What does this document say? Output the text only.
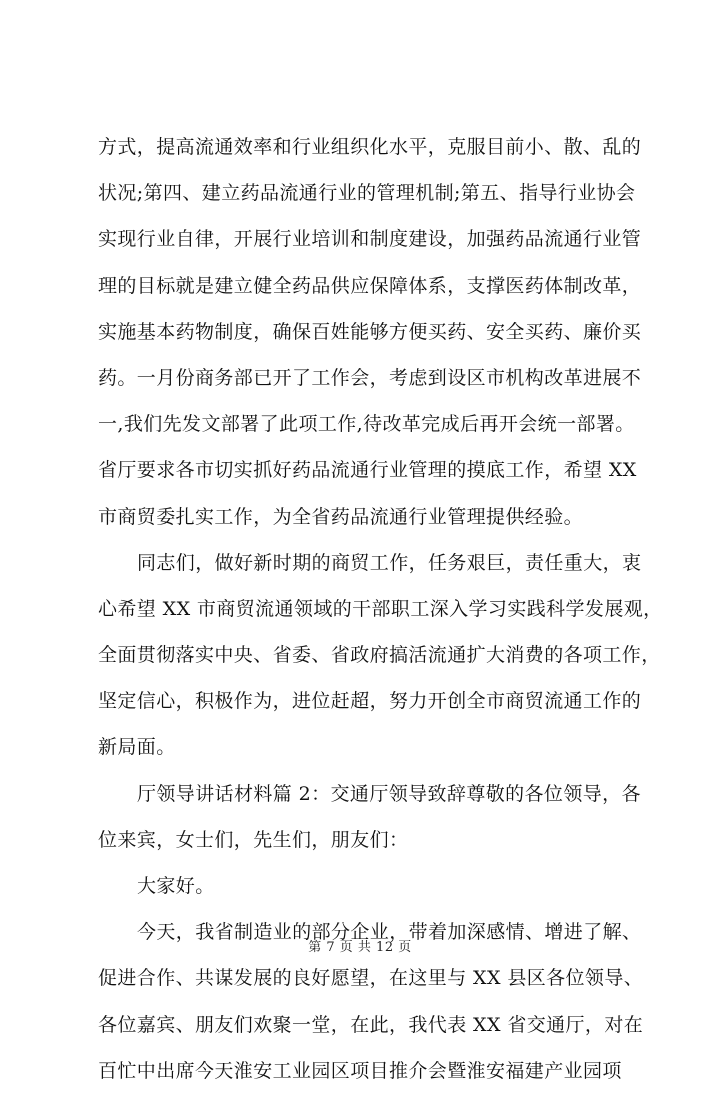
方式，提高流通效率和行业组织化水平，克服目前小、散、乱的
状况;第四、建立药品流通行业的管理机制;第五、指导行业协会
实现行业自律，开展行业培训和制度建设，加强药品流通行业管
理的目标就是建立健全药品供应保障体系，支撑医药体制改革，
实施基本药物制度，确保百姓能够方便买药、安全买药、廉价买
药。一月份商务部已开了工作会，考虑到设区市机构改革进展不
一,我们先发文部署了此项工作,待改革完成后再开会统一部署。
省厅要求各市切实抓好药品流通行业管理的摸底工作，希望 XX
市商贸委扎实工作，为全省药品流通行业管理提供经验。
同志们，做好新时期的商贸工作，任务艰巨，责任重大，衷
心希望 XX 市商贸流通领域的干部职工深入学习实践科学发展观，
全面贯彻落实中央、省委、省政府搞活流通扩大消费的各项工作，
坚定信心，积极作为，进位赶超，努力开创全市商贸流通工作的
新局面。
厅领导讲话材料篇 2：交通厅领导致辞尊敬的各位领导，各
位来宾，女士们，先生们，朋友们：
大家好。
今天，我省制造业的部分企业，带着加深感情、增进了解、
促进合作、共谋发展的良好愿望，在这里与 XX 县区各位领导、
各位嘉宾、朋友们欢聚一堂，在此，我代表 XX 省交通厅，对在
百忙中出席今天淮安工业园区项目推介会暨淮安福建产业园项
第 7 页 共 12 页
